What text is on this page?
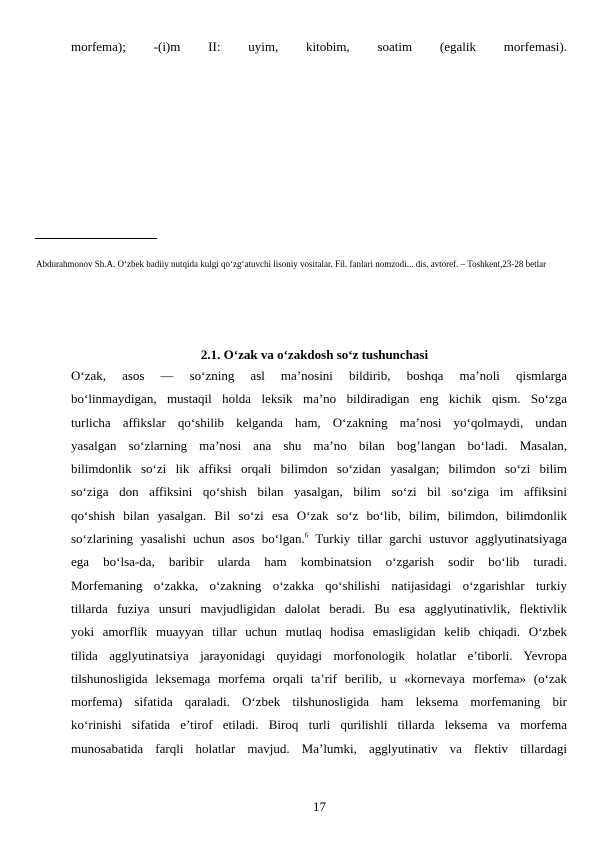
morfema); -(i)m II: uyim, kitobim, soatim (egalik morfemasi).
Abdurahmonov Sh.A. O‘zbek badiiy nutqida kulgi qo‘zg‘atuvchi lisoniy vositalar. Fil. fanlari nomzodi... dis. avtoref. – Toshkent,23-28 betlar
2.1. O‘zak va o‘zakdosh so‘z tushunchasi
O‘zak, asos — so‘zning asl ma’nosini bildirib, boshqa ma’noli qismlarga
bo‘linmaydigan, mustaqil holda leksik ma’no bildiradigan eng kichik qism. So‘zga
turlicha affikslar qo‘shilib kelganda ham, O‘zakning ma’nosi yo‘qolmaydi, undan
yasalgan so‘zlarning ma’nosi ana shu ma’no bilan bog’langan bo‘ladi. Masalan,
bilimdonlik so‘zi lik affiksi orqali bilimdon so‘zidan yasalgan; bilimdon so‘zi bilim
so‘ziga don affiksini qo‘shish bilan yasalgan, bilim so‘zi bil so‘ziga im affiksini
qo‘shish bilan yasalgan. Bil so‘zi esa O‘zak so‘z bo‘lib, bilim, bilimdon, bilimdonlik
so‘zlarining yasalishi uchun asos bo‘lgan.$^6$ Turkiy tillar garchi ustuvor agglyutinatsiyaga
ega bo‘lsa-da, baribir ularda ham kombinatsion o‘zgarish sodir bo‘lib turadi.
Morfemaning o‘zakka, o‘zakning o‘zakka qo‘shilishi natijasidagi o‘zgarishlar turkiy
tillarda fuziya unsuri mavjudligidan dalolat beradi. Bu esa agglyutinativlik, flektivlik
yoki amorflik muayyan tillar uchun mutlaq hodisa emasligidan kelib chiqadi. O‘zbek
tilida agglyutinatsiya jarayonidagi quyidagi morfonologik holatlar e’tiborli. Yevropa
tilshunosligida leksemaga morfema orqali ta’rif berilib, u «kornevaya morfema» (o‘zak
morfema) sifatida qaraladi. O‘zbek tilshunosligida ham leksema morfemaning bir
ko‘rinishi sifatida e’tirof etiladi. Biroq turli qurilishli tillarda leksema va morfema
munosabatida farqli holatlar mavjud. Ma’lumki, agglyutinativ va flektiv tillardagi
17
